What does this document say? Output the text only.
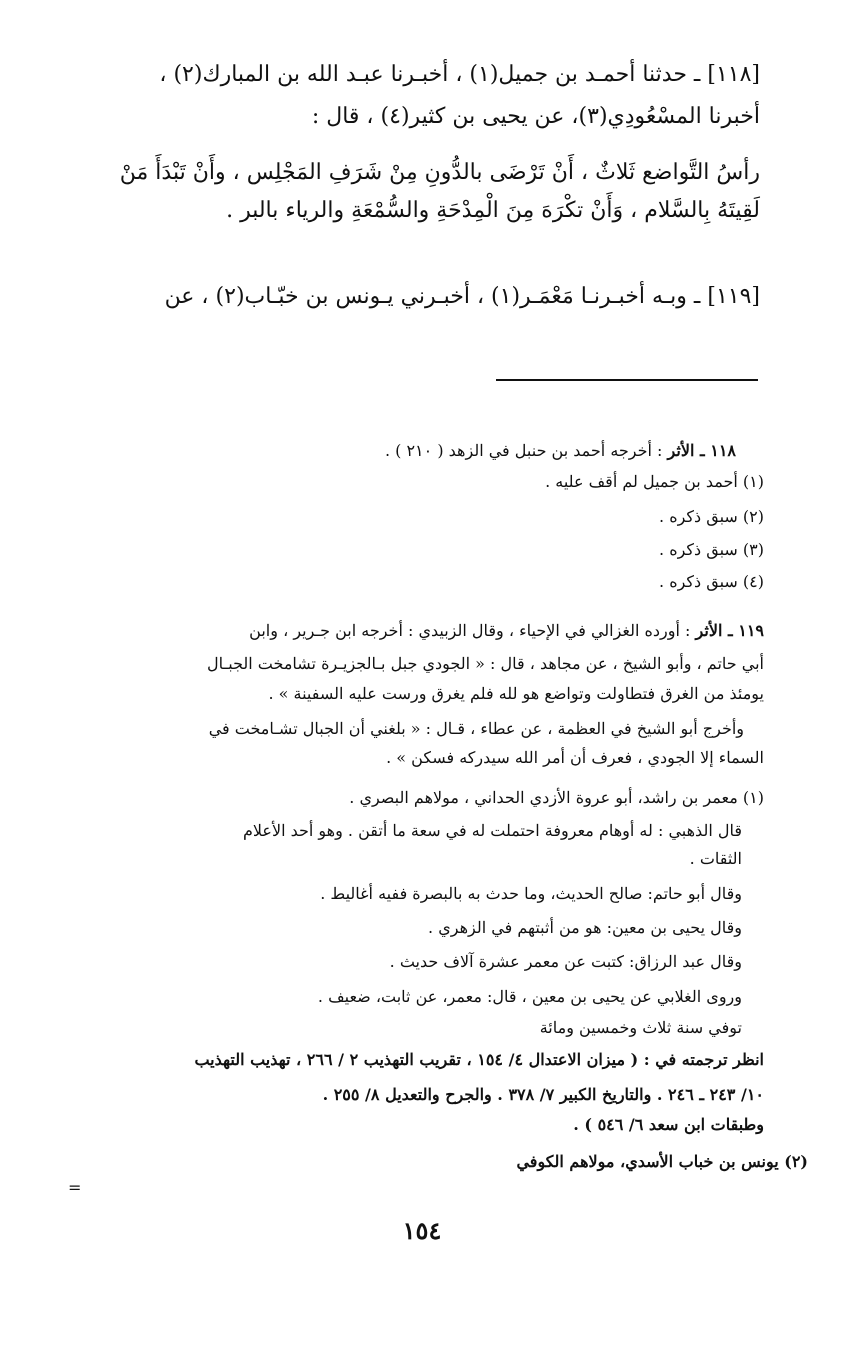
[١١٨] ـ حدثنا أحمـد بن جميل(١) ، أخبـرنا عبـد الله بن المبارك(٢) ،
أخبرنا المسْعُودِي(٣)، عن يحيى بن كثير(٤) ، قال :
رأسُ التَّواضع ثَلاثٌ ، أَنْ تَرْضَى بالدُّونِ مِنْ شَرَفِ المَجْلِس ، وأَنْ تَبْدَأَ مَنْ
لَقِيتَهُ بِالسَّلام ، وَأَنْ تكْرَهَ مِنَ الْمِدْحَةِ والسُّمْعَةِ والرياء بالبر .
[١١٩] ـ وبـه أخبـرنـا مَعْمَـر(١) ، أخبـرني يـونس بن خبّـاب(٢) ، عن
١١٨ ـ الأثر : أخرجه أحمد بن حنبل في الزهد ( ٢١٠ ) .
(١) أحمد بن جميل لم أقف عليه .
(٢) سبق ذكره .
(٣) سبق ذكره .
(٤) سبق ذكره .
١١٩ ـ الأثر : أورده الغزالي في الإحياء ، وقال الزبيدي : أخرجه ابن جـرير ، وابن
أبي حاتم ، وأبو الشيخ ، عن مجاهد ، قال : « الجودي جبل بـالجزيـرة تشامخت الجبـال
يومئذ من الغرق فتطاولت وتواضع هو لله فلم يغرق ورست عليه السفينة » .
وأخرج أبو الشيخ في العظمة ، عن عطاء ، قـال : « بلغني أن الجبال تشـامخت في
السماء إلا الجودي ، فعرف أن أمر الله سيدركه فسكن » .
(١) معمر بن راشد، أبو عروة الأزدي الحداني ، مولاهم البصري .
قال الذهبي : له أوهام معروفة احتملت له في سعة ما أتقن . وهو أحد الأعلام
الثقات .
وقال أبو حاتم: صالح الحديث، وما حدث به بالبصرة ففيه أغاليط .
وقال يحيى بن معين: هو من أثبتهم في الزهري .
وقال عبد الرزاق: كتبت عن معمر عشرة آلاف حديث .
وروى الغلابي عن يحيى بن معين ، قال: معمر، عن ثابت، ضعيف .
توفي سنة ثلاث وخمسين ومائة
انظر ترجمته في : ( ميزان الاعتدال ٤/ ١٥٤ ، تقريب التهذيب ٢ / ٢٦٦ ، تهذيب التهذيب
١٠/ ٢٤٣ ـ ٢٤٦ . والتاريخ الكبير ٧/ ٣٧٨ . والجرح والتعديل ٨/ ٢٥٥ .
وطبقات ابن سعد ٦/ ٥٤٦ ) .
(٢) يونس بن خباب الأسدي، مولاهم الكوفي
=
١٥٤
